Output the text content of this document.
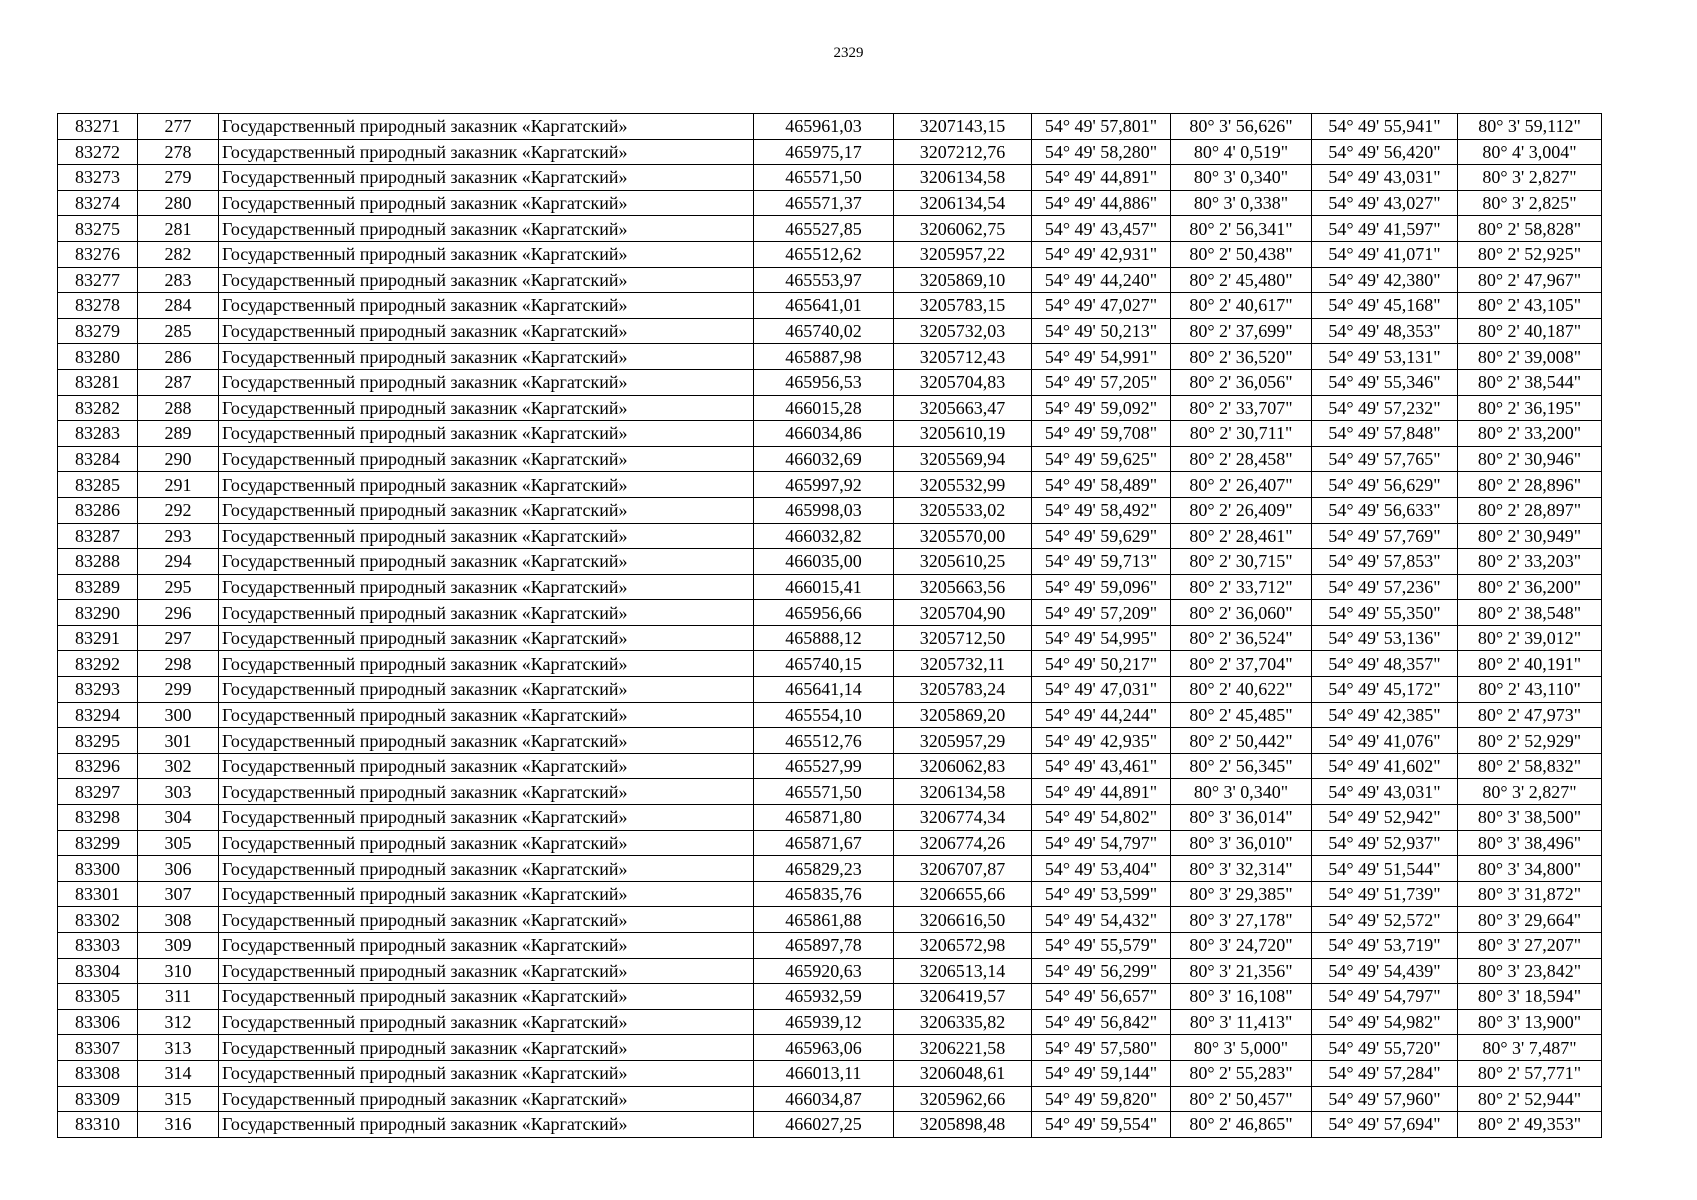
2329
83271	277	Государственный природный заказник «Каргатский»	465961,03	3207143,15	54° 49' 57,801"	80° 3' 56,626"	54° 49' 55,941"	80° 3' 59,112"
83272	278	Государственный природный заказник «Каргатский»	465975,17	3207212,76	54° 49' 58,280"	80° 4' 0,519"	54° 49' 56,420"	80° 4' 3,004"
83273	279	Государственный природный заказник «Каргатский»	465571,50	3206134,58	54° 49' 44,891"	80° 3' 0,340"	54° 49' 43,031"	80° 3' 2,827"
83274	280	Государственный природный заказник «Каргатский»	465571,37	3206134,54	54° 49' 44,886"	80° 3' 0,338"	54° 49' 43,027"	80° 3' 2,825"
83275	281	Государственный природный заказник «Каргатский»	465527,85	3206062,75	54° 49' 43,457"	80° 2' 56,341"	54° 49' 41,597"	80° 2' 58,828"
83276	282	Государственный природный заказник «Каргатский»	465512,62	3205957,22	54° 49' 42,931"	80° 2' 50,438"	54° 49' 41,071"	80° 2' 52,925"
83277	283	Государственный природный заказник «Каргатский»	465553,97	3205869,10	54° 49' 44,240"	80° 2' 45,480"	54° 49' 42,380"	80° 2' 47,967"
83278	284	Государственный природный заказник «Каргатский»	465641,01	3205783,15	54° 49' 47,027"	80° 2' 40,617"	54° 49' 45,168"	80° 2' 43,105"
83279	285	Государственный природный заказник «Каргатский»	465740,02	3205732,03	54° 49' 50,213"	80° 2' 37,699"	54° 49' 48,353"	80° 2' 40,187"
83280	286	Государственный природный заказник «Каргатский»	465887,98	3205712,43	54° 49' 54,991"	80° 2' 36,520"	54° 49' 53,131"	80° 2' 39,008"
83281	287	Государственный природный заказник «Каргатский»	465956,53	3205704,83	54° 49' 57,205"	80° 2' 36,056"	54° 49' 55,346"	80° 2' 38,544"
83282	288	Государственный природный заказник «Каргатский»	466015,28	3205663,47	54° 49' 59,092"	80° 2' 33,707"	54° 49' 57,232"	80° 2' 36,195"
83283	289	Государственный природный заказник «Каргатский»	466034,86	3205610,19	54° 49' 59,708"	80° 2' 30,711"	54° 49' 57,848"	80° 2' 33,200"
83284	290	Государственный природный заказник «Каргатский»	466032,69	3205569,94	54° 49' 59,625"	80° 2' 28,458"	54° 49' 57,765"	80° 2' 30,946"
83285	291	Государственный природный заказник «Каргатский»	465997,92	3205532,99	54° 49' 58,489"	80° 2' 26,407"	54° 49' 56,629"	80° 2' 28,896"
83286	292	Государственный природный заказник «Каргатский»	465998,03	3205533,02	54° 49' 58,492"	80° 2' 26,409"	54° 49' 56,633"	80° 2' 28,897"
83287	293	Государственный природный заказник «Каргатский»	466032,82	3205570,00	54° 49' 59,629"	80° 2' 28,461"	54° 49' 57,769"	80° 2' 30,949"
83288	294	Государственный природный заказник «Каргатский»	466035,00	3205610,25	54° 49' 59,713"	80° 2' 30,715"	54° 49' 57,853"	80° 2' 33,203"
83289	295	Государственный природный заказник «Каргатский»	466015,41	3205663,56	54° 49' 59,096"	80° 2' 33,712"	54° 49' 57,236"	80° 2' 36,200"
83290	296	Государственный природный заказник «Каргатский»	465956,66	3205704,90	54° 49' 57,209"	80° 2' 36,060"	54° 49' 55,350"	80° 2' 38,548"
83291	297	Государственный природный заказник «Каргатский»	465888,12	3205712,50	54° 49' 54,995"	80° 2' 36,524"	54° 49' 53,136"	80° 2' 39,012"
83292	298	Государственный природный заказник «Каргатский»	465740,15	3205732,11	54° 49' 50,217"	80° 2' 37,704"	54° 49' 48,357"	80° 2' 40,191"
83293	299	Государственный природный заказник «Каргатский»	465641,14	3205783,24	54° 49' 47,031"	80° 2' 40,622"	54° 49' 45,172"	80° 2' 43,110"
83294	300	Государственный природный заказник «Каргатский»	465554,10	3205869,20	54° 49' 44,244"	80° 2' 45,485"	54° 49' 42,385"	80° 2' 47,973"
83295	301	Государственный природный заказник «Каргатский»	465512,76	3205957,29	54° 49' 42,935"	80° 2' 50,442"	54° 49' 41,076"	80° 2' 52,929"
83296	302	Государственный природный заказник «Каргатский»	465527,99	3206062,83	54° 49' 43,461"	80° 2' 56,345"	54° 49' 41,602"	80° 2' 58,832"
83297	303	Государственный природный заказник «Каргатский»	465571,50	3206134,58	54° 49' 44,891"	80° 3' 0,340"	54° 49' 43,031"	80° 3' 2,827"
83298	304	Государственный природный заказник «Каргатский»	465871,80	3206774,34	54° 49' 54,802"	80° 3' 36,014"	54° 49' 52,942"	80° 3' 38,500"
83299	305	Государственный природный заказник «Каргатский»	465871,67	3206774,26	54° 49' 54,797"	80° 3' 36,010"	54° 49' 52,937"	80° 3' 38,496"
83300	306	Государственный природный заказник «Каргатский»	465829,23	3206707,87	54° 49' 53,404"	80° 3' 32,314"	54° 49' 51,544"	80° 3' 34,800"
83301	307	Государственный природный заказник «Каргатский»	465835,76	3206655,66	54° 49' 53,599"	80° 3' 29,385"	54° 49' 51,739"	80° 3' 31,872"
83302	308	Государственный природный заказник «Каргатский»	465861,88	3206616,50	54° 49' 54,432"	80° 3' 27,178"	54° 49' 52,572"	80° 3' 29,664"
83303	309	Государственный природный заказник «Каргатский»	465897,78	3206572,98	54° 49' 55,579"	80° 3' 24,720"	54° 49' 53,719"	80° 3' 27,207"
83304	310	Государственный природный заказник «Каргатский»	465920,63	3206513,14	54° 49' 56,299"	80° 3' 21,356"	54° 49' 54,439"	80° 3' 23,842"
83305	311	Государственный природный заказник «Каргатский»	465932,59	3206419,57	54° 49' 56,657"	80° 3' 16,108"	54° 49' 54,797"	80° 3' 18,594"
83306	312	Государственный природный заказник «Каргатский»	465939,12	3206335,82	54° 49' 56,842"	80° 3' 11,413"	54° 49' 54,982"	80° 3' 13,900"
83307	313	Государственный природный заказник «Каргатский»	465963,06	3206221,58	54° 49' 57,580"	80° 3' 5,000"	54° 49' 55,720"	80° 3' 7,487"
83308	314	Государственный природный заказник «Каргатский»	466013,11	3206048,61	54° 49' 59,144"	80° 2' 55,283"	54° 49' 57,284"	80° 2' 57,771"
83309	315	Государственный природный заказник «Каргатский»	466034,87	3205962,66	54° 49' 59,820"	80° 2' 50,457"	54° 49' 57,960"	80° 2' 52,944"
83310	316	Государственный природный заказник «Каргатский»	466027,25	3205898,48	54° 49' 59,554"	80° 2' 46,865"	54° 49' 57,694"	80° 2' 49,353"
